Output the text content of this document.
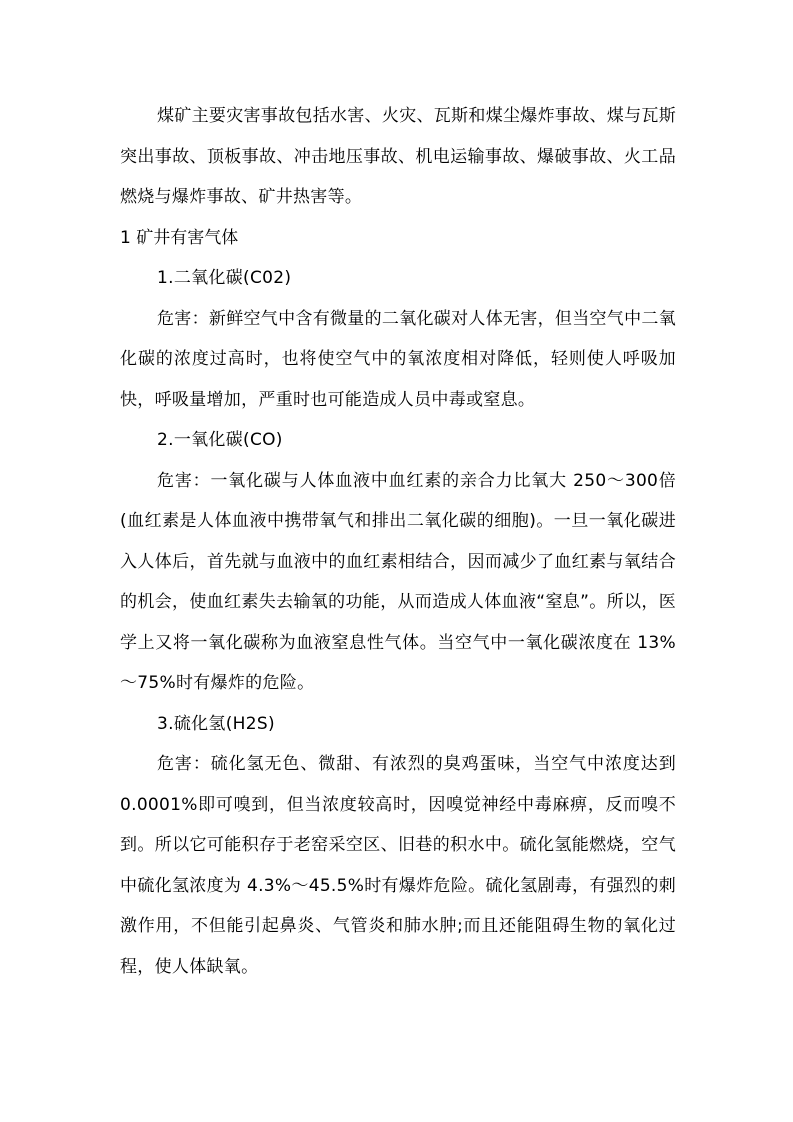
煤矿主要灾害事故包括水害、火灾、瓦斯和煤尘爆炸事故、煤与瓦斯突出事故、顶板事故、冲击地压事故、机电运输事故、爆破事故、火工品燃烧与爆炸事故、矿井热害等。

1 矿井有害气体

1.二氧化碳(C02)

危害：新鲜空气中含有微量的二氧化碳对人体无害，但当空气中二氧化碳的浓度过高时，也将使空气中的氧浓度相对降低，轻则使人呼吸加快，呼吸量增加，严重时也可能造成人员中毒或窒息。

2.一氧化碳(CO)

危害：一氧化碳与人体血液中血红素的亲合力比氧大 250～300倍(血红素是人体血液中携带氧气和排出二氧化碳的细胞)。一旦一氧化碳进入人体后，首先就与血液中的血红素相结合，因而减少了血红素与氧结合的机会，使血红素失去输氧的功能，从而造成人体血液“窒息”。所以，医学上又将一氧化碳称为血液窒息性气体。当空气中一氧化碳浓度在 13%～75%时有爆炸的危险。

3.硫化氢(H2S)

危害：硫化氢无色、微甜、有浓烈的臭鸡蛋味，当空气中浓度达到 0.0001%即可嗅到，但当浓度较高时，因嗅觉神经中毒麻痹，反而嗅不到。所以它可能积存于老窑采空区、旧巷的积水中。硫化氢能燃烧，空气中硫化氢浓度为 4.3%～45.5%时有爆炸危险。硫化氢剧毒，有强烈的刺激作用，不但能引起鼻炎、气管炎和肺水肿;而且还能阻碍生物的氧化过程，使人体缺氧。
